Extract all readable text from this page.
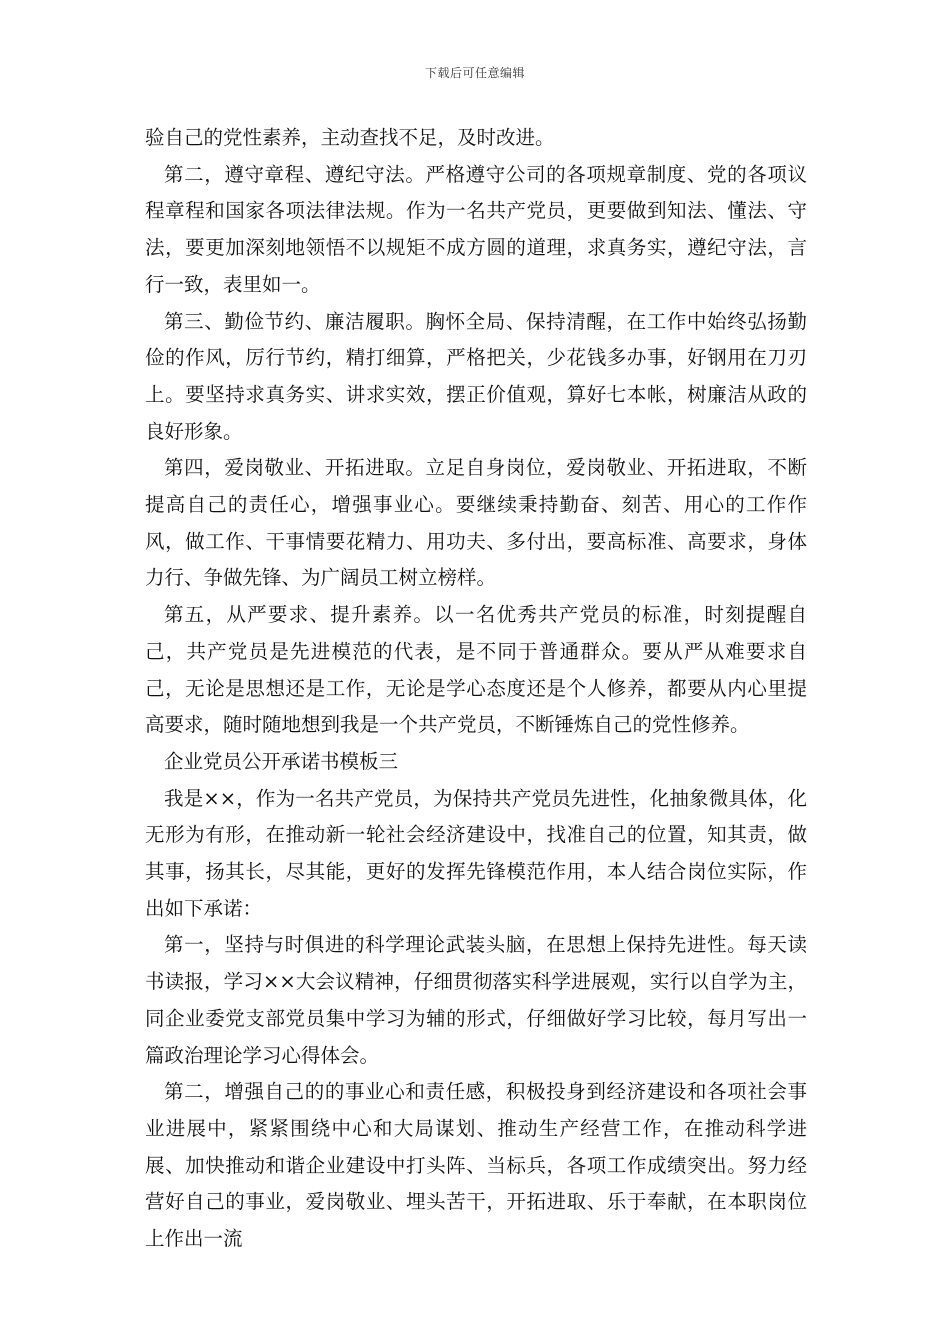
下载后可任意编辑

验自己的党性素养，主动查找不足，及时改进。

第二，遵守章程、遵纪守法。严格遵守公司的各项规章制度、党的各项议程章程和国家各项法律法规。作为一名共产党员，更要做到知法、懂法、守法，要更加深刻地领悟不以规矩不成方圆的道理，求真务实，遵纪守法，言行一致，表里如一。

第三、勤俭节约、廉洁履职。胸怀全局、保持清醒，在工作中始终弘扬勤俭的作风，厉行节约，精打细算，严格把关，少花钱多办事，好钢用在刀刃上。要坚持求真务实、讲求实效，摆正价值观，算好七本帐，树廉洁从政的良好形象。

第四，爱岗敬业、开拓进取。立足自身岗位，爱岗敬业、开拓进取，不断提高自己的责任心，增强事业心。要继续秉持勤奋、刻苦、用心的工作作风，做工作、干事情要花精力、用功夫、多付出，要高标准、高要求，身体力行、争做先锋、为广阔员工树立榜样。

第五，从严要求、提升素养。以一名优秀共产党员的标准，时刻提醒自己，共产党员是先进模范的代表，是不同于普通群众。要从严从难要求自己，无论是思想还是工作，无论是学心态度还是个人修养，都要从内心里提高要求，随时随地想到我是一个共产党员，不断锤炼自己的党性修养。

企业党员公开承诺书模板三

我是××，作为一名共产党员，为保持共产党员先进性，化抽象微具体，化无形为有形，在推动新一轮社会经济建设中，找准自己的位置，知其责，做其事，扬其长，尽其能，更好的发挥先锋模范作用，本人结合岗位实际，作出如下承诺：

第一，坚持与时俱进的科学理论武装头脑，在思想上保持先进性。每天读书读报，学习××大会议精神，仔细贯彻落实科学进展观，实行以自学为主，同企业委党支部党员集中学习为辅的形式，仔细做好学习比较，每月写出一篇政治理论学习心得体会。

第二，增强自己的的事业心和责任感，积极投身到经济建设和各项社会事业进展中，紧紧围绕中心和大局谋划、推动生产经营工作，在推动科学进展、加快推动和谐企业建设中打头阵、当标兵，各项工作成绩突出。努力经营好自己的事业，爱岗敬业、埋头苦干，开拓进取、乐于奉献，在本职岗位上作出一流
